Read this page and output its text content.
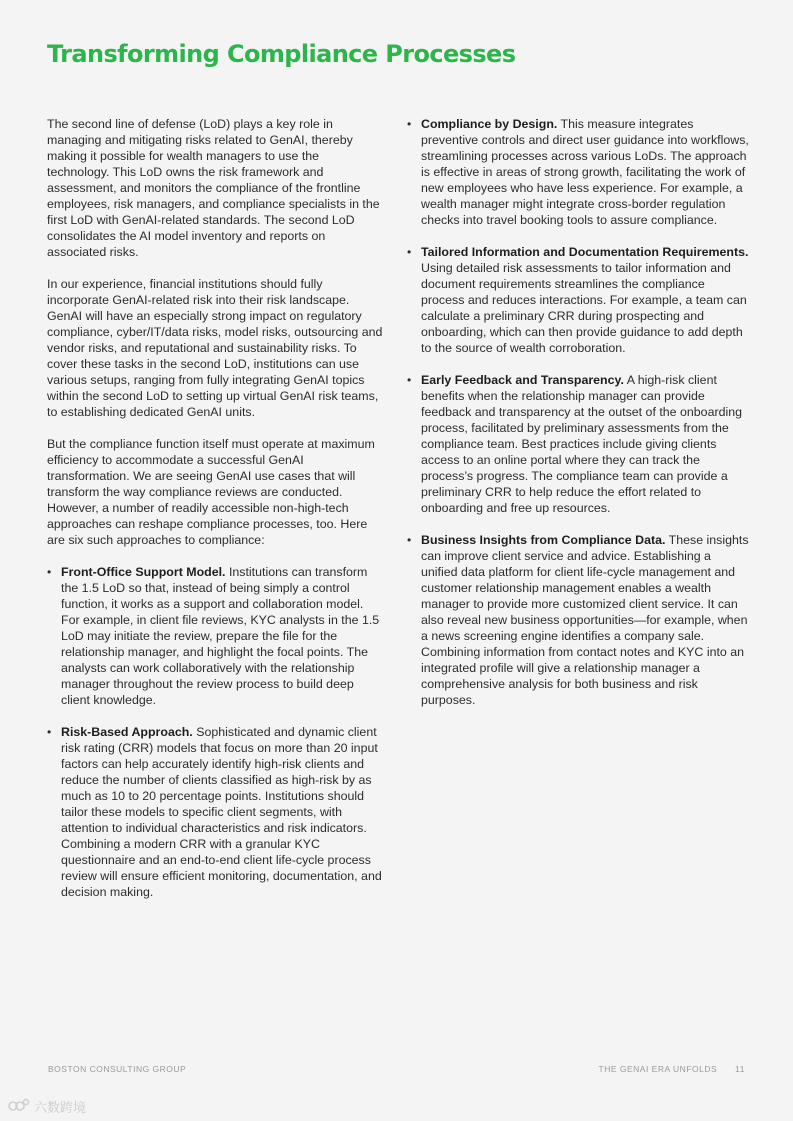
Transforming Compliance Processes

The second line of defense (LoD) plays a key role in managing and mitigating risks related to GenAI, thereby making it possible for wealth managers to use the technology. This LoD owns the risk framework and assessment, and monitors the compliance of the frontline employees, risk managers, and compliance specialists in the first LoD with GenAI-related standards. The second LoD consolidates the AI model inventory and reports on associated risks.

In our experience, financial institutions should fully incorporate GenAI-related risk into their risk landscape. GenAI will have an especially strong impact on regulatory compliance, cyber/IT/data risks, model risks, outsourcing and vendor risks, and reputational and sustainability risks. To cover these tasks in the second LoD, institutions can use various setups, ranging from fully integrating GenAI topics within the second LoD to setting up virtual GenAI risk teams, to establishing dedicated GenAI units.

But the compliance function itself must operate at maximum efficiency to accommodate a successful GenAI transformation. We are seeing GenAI use cases that will transform the way compliance reviews are conducted. However, a number of readily accessible non-high-tech approaches can reshape compliance processes, too. Here are six such approaches to compliance:

• Front-Office Support Model. Institutions can transform the 1.5 LoD so that, instead of being simply a control function, it works as a support and collaboration model. For example, in client file reviews, KYC analysts in the 1.5 LoD may initiate the review, prepare the file for the relationship manager, and highlight the focal points. The analysts can work collaboratively with the relationship manager throughout the review process to build deep client knowledge.
• Risk-Based Approach. Sophisticated and dynamic client risk rating (CRR) models that focus on more than 20 input factors can help accurately identify high-risk clients and reduce the number of clients classified as high-risk by as much as 10 to 20 percentage points. Institutions should tailor these models to specific client segments, with attention to individual characteristics and risk indicators. Combining a modern CRR with a granular KYC questionnaire and an end-to-end client life-cycle process review will ensure efficient monitoring, documentation, and decision making.
• Compliance by Design. This measure integrates preventive controls and direct user guidance into workflows, streamlining processes across various LoDs. The approach is effective in areas of strong growth, facilitating the work of new employees who have less experience. For example, a wealth manager might integrate cross-border regulation checks into travel booking tools to assure compliance.
• Tailored Information and Documentation Requirements. Using detailed risk assessments to tailor information and document requirements streamlines the compliance process and reduces interactions. For example, a team can calculate a preliminary CRR during prospecting and onboarding, which can then provide guidance to add depth to the source of wealth corroboration.
• Early Feedback and Transparency. A high-risk client benefits when the relationship manager can provide feedback and transparency at the outset of the onboarding process, facilitated by preliminary assessments from the compliance team. Best practices include giving clients access to an online portal where they can track the process’s progress. The compliance team can provide a preliminary CRR to help reduce the effort related to onboarding and free up resources.
• Business Insights from Compliance Data. These insights can improve client service and advice. Establishing a unified data platform for client life-cycle management and customer relationship management enables a wealth manager to provide more customized client service. It can also reveal new business opportunities—for example, when a news screening engine identifies a company sale. Combining information from contact notes and KYC into an integrated profile will give a relationship manager a comprehensive analysis for both business and risk purposes.
BOSTON CONSULTING GROUP	THE GENAI ERA UNFOLDS 11
六数跨境
